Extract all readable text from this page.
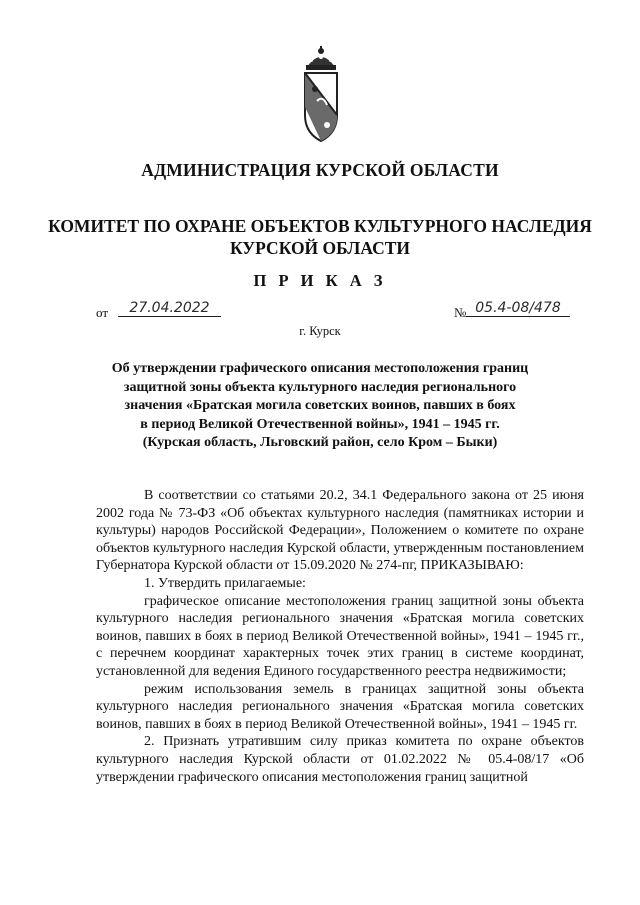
АДМИНИСТРАЦИЯ КУРСКОЙ ОБЛАСТИ
КОМИТЕТ ПО ОХРАНЕ ОБЪЕКТОВ КУЛЬТУРНОГО НАСЛЕДИЯ
КУРСКОЙ ОБЛАСТИ
П Р И К А З
от	27.04.2022	№ 05.4-08/478
г. Курск
Об утверждении графического описания местоположения границ
защитной зоны объекта культурного наследия регионального
значения «Братская могила советских воинов, павших в боях
в период Великой Отечественной войны», 1941 – 1945 гг.
(Курская область, Льговский район, село Кром – Быки)

В соответствии со статьями 20.2, 34.1 Федерального закона от 25 июня 2002 года № 73-ФЗ «Об объектах культурного наследия (памятниках истории и культуры) народов Российской Федерации», Положением о комитете по охране объектов культурного наследия Курской области, утвержденным постановлением Губернатора Курской области от 15.09.2020 № 274-пг, ПРИКАЗЫВАЮ:

1. Утвердить прилагаемые:

графическое описание местоположения границ защитной зоны объекта культурного наследия регионального значения «Братская могила советских воинов, павших в боях в период Великой Отечественной войны», 1941 – 1945 гг., с перечнем координат характерных точек этих границ в системе координат, установленной для ведения Единого государственного реестра недвижимости;

режим использования земель в границах защитной зоны объекта культурного наследия регионального значения «Братская могила советских воинов, павших в боях в период Великой Отечественной войны», 1941 – 1945 гг.

2. Признать утратившим силу приказ комитета по охране объектов культурного наследия Курской области от 01.02.2022 № 05.4-08/17 «Об утверждении графического описания местоположения границ защитной
